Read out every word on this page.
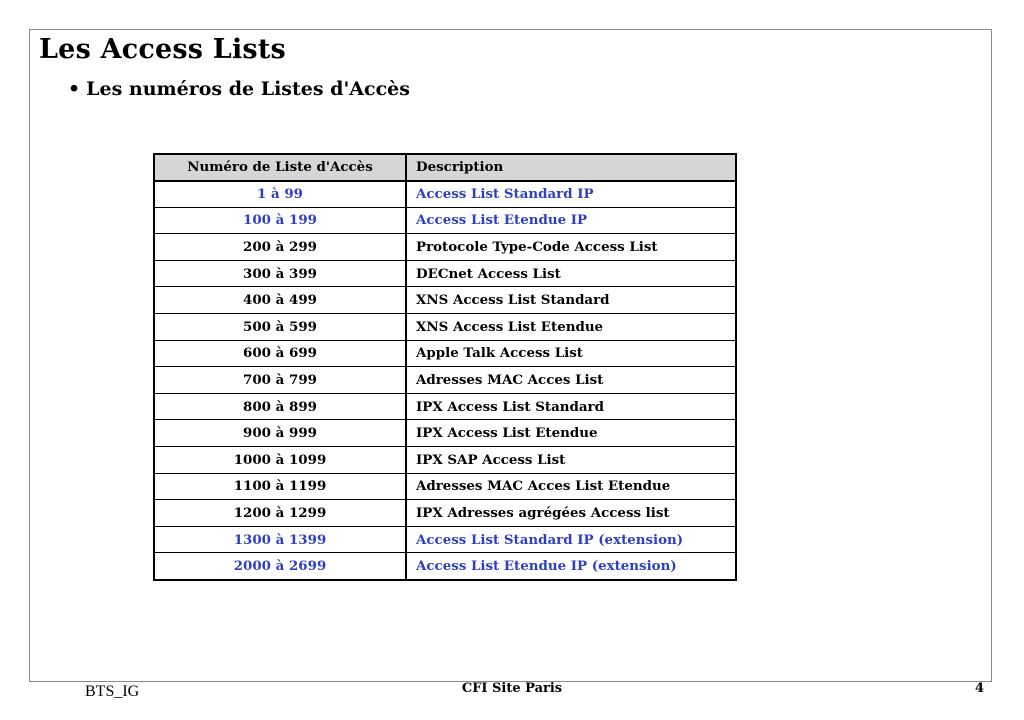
Les Access Lists
• Les numéros de Listes d'Accès
Numéro de Liste d'Accès	Description
1 à 99	Access List Standard IP
100 à 199	Access List Etendue IP
200 à 299	Protocole Type-Code Access List
300 à 399	DECnet Access List
400 à 499	XNS Access List Standard
500 à 599	XNS Access List Etendue
600 à 699	Apple Talk Access List
700 à 799	Adresses MAC Acces List
800 à 899	IPX Access List Standard
900 à 999	IPX Access List Etendue
1000 à 1099	IPX SAP Access List
1100 à 1199	Adresses MAC Acces List Etendue
1200 à 1299	IPX Adresses agrégées Access list
1300 à 1399	Access List Standard IP (extension)
2000 à 2699	Access List Etendue IP (extension)
BTS_IG	CFI Site Paris	4
